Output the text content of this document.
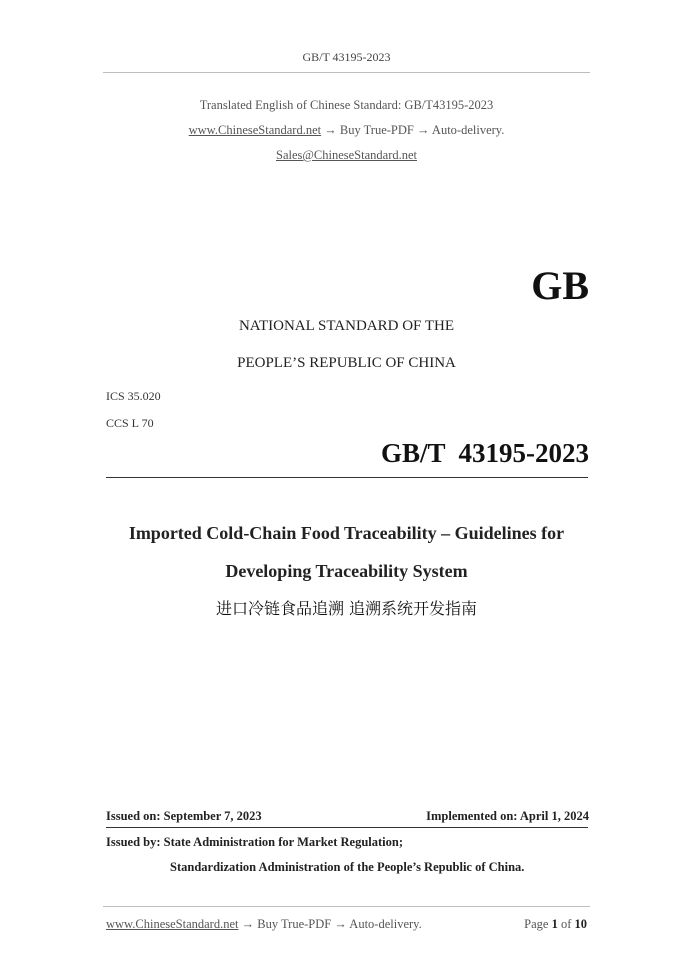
GB/T 43195-2023
Translated English of Chinese Standard: GB/T43195-2023
www.ChineseStandard.net → Buy True-PDF → Auto-delivery.
Sales@ChineseStandard.net
GB
NATIONAL STANDARD OF THE
PEOPLE’S REPUBLIC OF CHINA
ICS 35.020
CCS L 70
GB/T  43195-2023
Imported Cold-Chain Food Traceability – Guidelines for
Developing Traceability System
进口冷链食品追溯 追溯系统开发指南
Issued on: September 7, 2023	Implemented on: April 1, 2024
Issued by: State Administration for Market Regulation;
Standardization Administration of the People’s Republic of China.
www.ChineseStandard.net → Buy True-PDF → Auto-delivery.	Page 1 of 10
